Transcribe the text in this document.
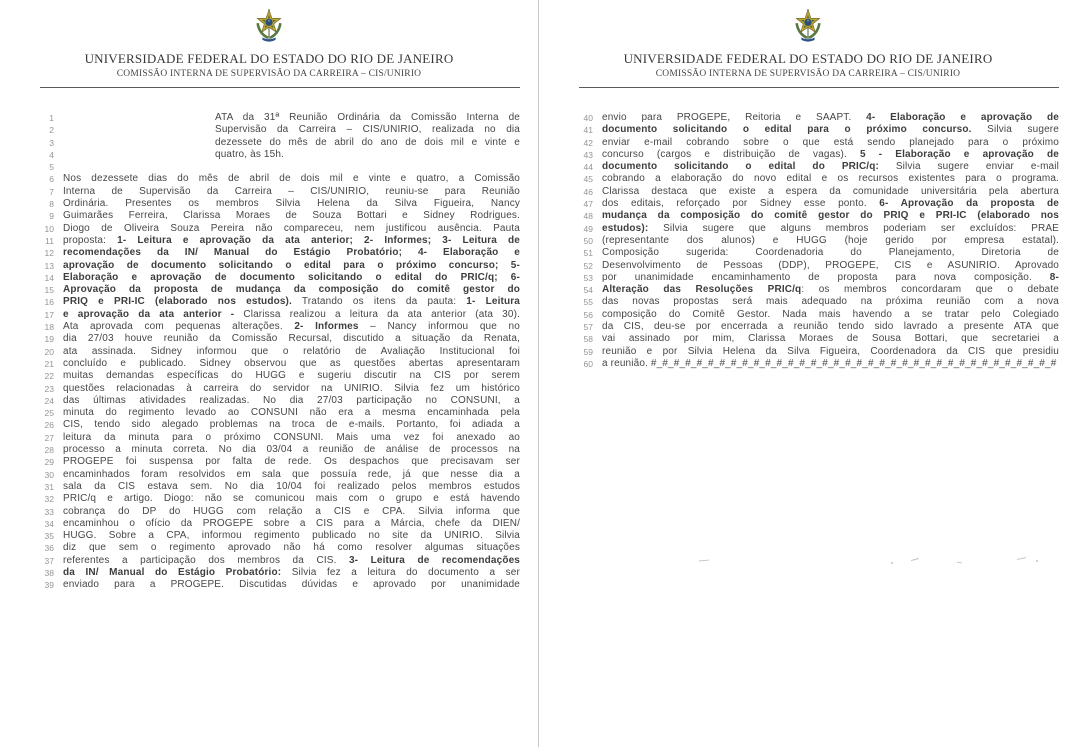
UNIVERSIDADE FEDERAL DO ESTADO DO RIO DE JANEIRO
COMISSÃO INTERNA DE SUPERVISÃO DA CARREIRA – CIS/UNIRIO
1	ATA da 31ª Reunião Ordinária da Comissão Interna de
2	Supervisão da Carreira – CIS/UNIRIO, realizada no dia
3	dezessete do mês de abril do ano de dois mil e vinte e
4	quatro, às 15h.
5
6 Nos dezessete dias do mês de abril de dois mil e vinte e quatro, a Comissão
7 Interna de Supervisão da Carreira – CIS/UNIRIO, reuniu-se para Reunião
8 Ordinária. Presentes os membros Silvia Helena da Silva Figueira, Nancy
9 Guimarães Ferreira, Clarissa Moraes de Souza Bottari e Sidney Rodrigues.
10 Diogo de Oliveira Souza Pereira não compareceu, nem justificou ausência. Pauta
11 proposta: 1- Leitura e aprovação da ata anterior; 2- Informes; 3- Leitura de
12 recomendações da IN/ Manual do Estágio Probatório; 4- Elaboração e
13 aprovação de documento solicitando o edital para o próximo concurso; 5-
14 Elaboração e aprovação de documento solicitando o edital do PRIC/q; 6-
15 Aprovação da proposta de mudança da composição do comitê gestor do
16 PRIQ e PRI-IC (elaborado nos estudos). Tratando os itens da pauta: 1- Leitura
17 e aprovação da ata anterior - Clarissa realizou a leitura da ata anterior (ata 30).
18 Ata aprovada com pequenas alterações. 2- Informes – Nancy informou que no
19 dia 27/03 houve reunião da Comissão Recursal, discutido a situação da Renata,
20 ata assinada. Sidney informou que o relatório de Avaliação Institucional foi
21 concluído e publicado. Sidney observou que as questões abertas apresentaram
22 muitas demandas específicas do HUGG e sugeriu discutir na CIS por serem
23 questões relacionadas à carreira do servidor na UNIRIO. Silvia fez um histórico
24 das últimas atividades realizadas. No dia 27/03 participação no CONSUNI, a
25 minuta do regimento levado ao CONSUNI não era a mesma encaminhada pela
26 CIS, tendo sido alegado problemas na troca de e-mails. Portanto, foi adiada a
27 leitura da minuta para o próximo CONSUNI. Mais uma vez foi anexado ao
28 processo a minuta correta. No dia 03/04 a reunião de análise de processos na
29 PROGEPE foi suspensa por falta de rede. Os despachos que precisavam ser
30 encaminhados foram resolvidos em sala que possuía rede, já que nesse dia a
31 sala da CIS estava sem. No dia 10/04 foi realizado pelos membros estudos
32 PRIC/q e artigo. Diogo: não se comunicou mais com o grupo e está havendo
33 cobrança do DP do HUGG com relação a CIS e CPA. Silvia informa que
34 encaminhou o ofício da PROGEPE sobre a CIS para a Márcia, chefe da DIEN/
35 HUGG. Sobre a CPA, informou regimento publicado no site da UNIRIO. Silvia
36 diz que sem o regimento aprovado não há como resolver algumas situações
37 referentes a participação dos membros da CIS. 3- Leitura de recomendações
38 da IN/ Manual do Estágio Probatório: Silvia fez a leitura do documento a ser
39 enviado para a PROGEPE. Discutidas dúvidas e aprovado por unanimidade
UNIVERSIDADE FEDERAL DO ESTADO DO RIO DE JANEIRO
COMISSÃO INTERNA DE SUPERVISÃO DA CARREIRA – CIS/UNIRIO
40 envio para PROGEPE, Reitoria e SAAPT. 4- Elaboração e aprovação de
41 documento solicitando o edital para o próximo concurso. Silvia sugere
42 enviar e-mail cobrando sobre o que está sendo planejado para o próximo
43 concurso (cargos e distribuição de vagas). 5 - Elaboração e aprovação de
44 documento solicitando o edital do PRIC/q: Silvia sugere enviar e-mail
45 cobrando a elaboração do novo edital e os recursos existentes para o programa.
46 Clarissa destaca que existe a espera da comunidade universitária pela abertura
47 dos editais, reforçado por Sidney esse ponto. 6- Aprovação da proposta de
48 mudança da composição do comitê gestor do PRIQ e PRI-IC (elaborado nos
49 estudos): Silvia sugere que alguns membros poderiam ser excluídos: PRAE
50 (representante dos alunos) e HUGG (hoje gerido por empresa estatal).
51 Composição sugerida: Coordenadoria do Planejamento, Diretoria de
52 Desenvolvimento de Pessoas (DDP), PROGEPE, CIS e ASUNIRIO. Aprovado
53 por unanimidade encaminhamento de proposta para nova composição. 8-
54 Alteração das Resoluções PRIC/q: os membros concordaram que o debate
55 das novas propostas será mais adequado na próxima reunião com a nova
56 composição do Comitê Gestor. Nada mais havendo a se tratar pelo Colegiado
57 da CIS, deu-se por encerrada a reunião tendo sido lavrado a presente ATA que
58 vai assinado por mim, Clarissa Moraes de Sousa Bottari, que secretariei a
59 reunião e por Silvia Helena da Silva Figueira, Coordenadora da CIS que presidiu
60 a reunião. #_#_#_#_#_#_#_#_#_#_#_#_#_#_#_#_#_#_#_#_#_#_#_#_#_#_#_#_#_#_#_#_#_#_#_#
